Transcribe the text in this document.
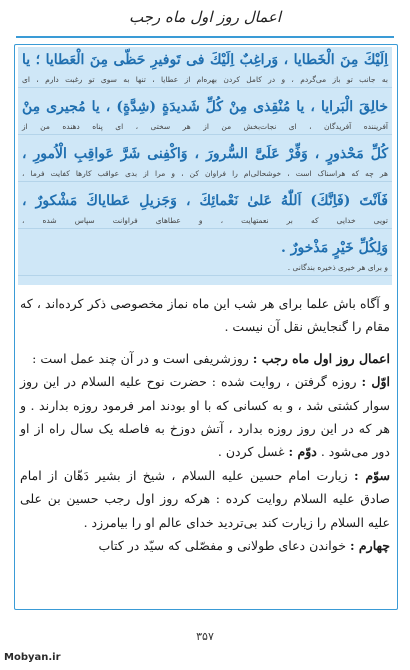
اعمال روز اول ماه رجب
اِلَيْكَ مِنَ الْخَطايا ، وَراغِبٌ اِلَيْكَ فى تَوفيرِ حَظّى مِنَ الْعَطايا ؛ يا
به جانب تو باز مى‌گردم ، و در كامل كردن بهره‌ام از عطايا ، تنها به سوى تو رغبت دارم ، اى
خالِقَ الْبَرايا ، يا مُنْقِذى مِنْ كُلِّ شَديدَةٍ (شِدَّةٍ) ، يا مُجيرى مِنْ
آفريننده آفريدگان ، اى نجات‌بخش من از هر سختى ، اى پناه دهنده من از
كُلِّ مَحْذورٍ ، وَفِّرْ عَلَىَّ السُّرورَ ، وَاكْفِنى شَرَّ عَواقِبِ الْاُمورِ ،
هر چه كه هراسناک است ، خوشحالى‌ام را فراوان كن ، و مرا از بدى عواقب كارها كفايت فرما ،
فَاَنْتَ (فَاِنَّكَ) اَللّٰهُ عَلىٰ نَعْمائِكَ ، وَجَزيلِ عَطاياكَ مَشْكورٌ ،
تويى خدايى كه بر نعمتهايت ، و عطاهاى فراوانت سپاس شده ،
وَلِكُلِّ خَيْرٍ مَذْخورٌ .
و براى هر خيرى ذخيره بندگانى .

و آگاه باش علما براى هر شب اين ماه نماز مخصوصى ذكر كرده‌اند ، كه مقام را گنجايش نقل آن نيست .

اعمال روز اول ماه رجب : روزشريفى است و در آن چند عمل است :

اوّل : روزه گرفتن ، روايت شده : حضرت نوح عليه السلام در اين روز سوار كشتى شد ، و به كسانى كه با او بودند امر فرمود روزه بدارند . و هر كه در اين روز روزه بدارد ، آتش دوزخ به فاصله يک سال راه از او دور مى‌شود . دوّم : غسل كردن .

سوّم : زيارت امام حسين عليه السلام ، شيخ از بشير دَهّان از امام صادق عليه السلام روايت كرده : هركه روز اول رجب حسين بن على عليه السلام را زيارت كند بى‌ترديد خداى عالم او را بيامرزد .

چهارم : خواندن دعاى طولانى و مفصّلى كه سيّد در كتاب

۳۵۷
Mobyan.ir
